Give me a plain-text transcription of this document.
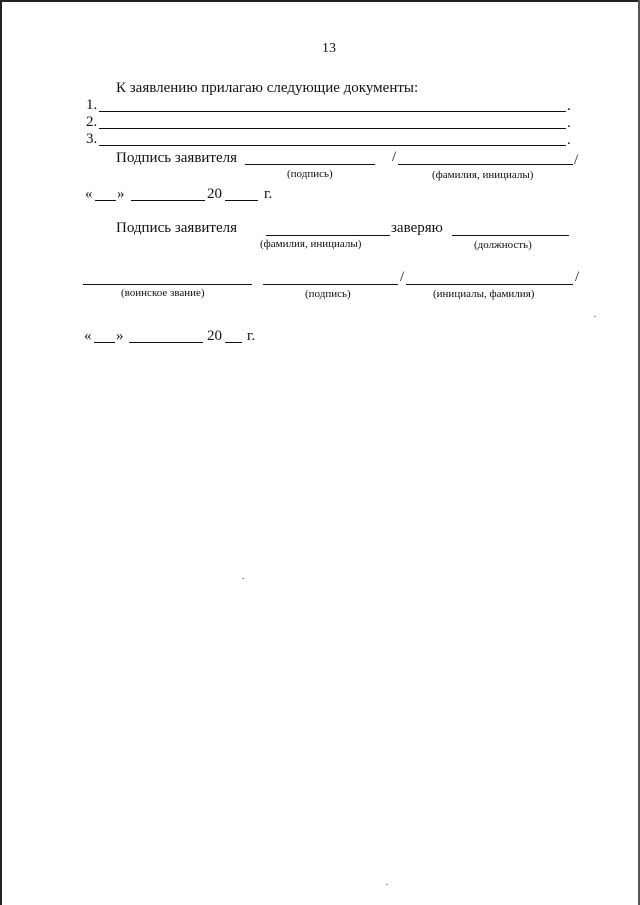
13
К заявлению прилагаю следующие документы:
1.	.
2.	.
3.	.
Подпись заявителя	/	/
(подпись)	(фамилия, инициалы)
« »	20	г.
Подпись заявителя	заверяю
(фамилия, инициалы)	(должность)
/	/
(воинское звание)	(подпись)	(инициалы, фамилия)
« »	20 г.
